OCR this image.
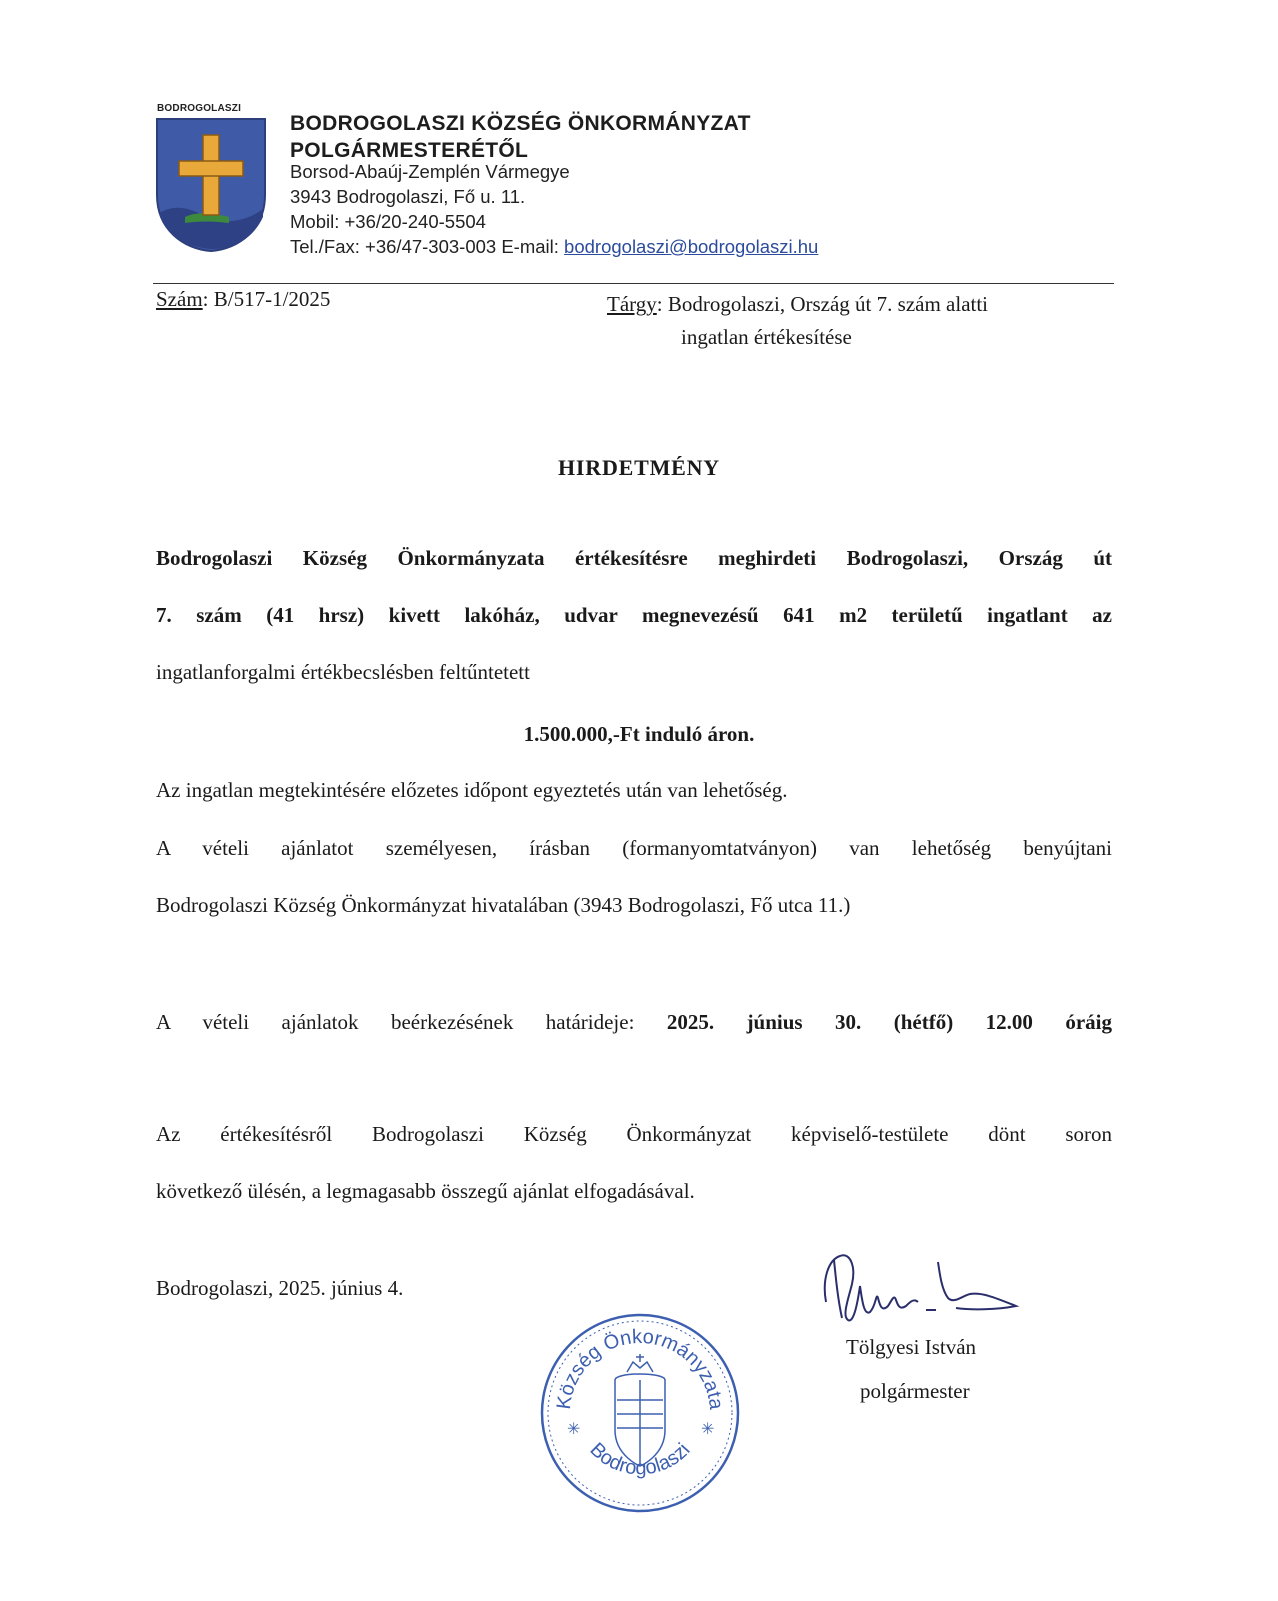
BODROGOLASZI
BODROGOLASZI KÖZSÉG ÖNKORMÁNYZAT
POLGÁRMESTERÉTŐL
Borsod-Abaúj-Zemplén Vármegye
3943 Bodrogolaszi, Fő u. 11.
Mobil: +36/20-240-5504
Tel./Fax: +36/47-303-003 E-mail: bodrogolaszi@bodrogolaszi.hu
Szám: B/517-1/2025	Tárgy: Bodrogolaszi, Ország út 7. szám alatti
ingatlan értékesítése
HIRDETMÉNY
Bodrogolaszi Község Önkormányzata értékesítésre meghirdeti Bodrogolaszi, Ország út
7. szám (41 hrsz) kivett lakóház, udvar megnevezésű 641 m2 területű ingatlant az
ingatlanforgalmi értékbecslésben feltűntetett
1.500.000,-Ft induló áron.
Az ingatlan megtekintésére előzetes időpont egyeztetés után van lehetőség.
A vételi ajánlatot személyesen, írásban (formanyomtatványon) van lehetőség benyújtani
Bodrogolaszi Község Önkormányzat hivatalában (3943 Bodrogolaszi, Fő utca 11.)
A vételi ajánlatok beérkezésének határideje: 2025. június 30. (hétfő) 12.00 óráig
Az értékesítésről Bodrogolaszi Község Önkormányzat képviselő-testülete dönt soron
következő ülésén, a legmagasabb összegű ajánlat elfogadásával.
Bodrogolaszi, 2025. június 4.
Község Önkormányzata
Bodrogolaszi
✳	✳
Tölgyesi István
polgármester
